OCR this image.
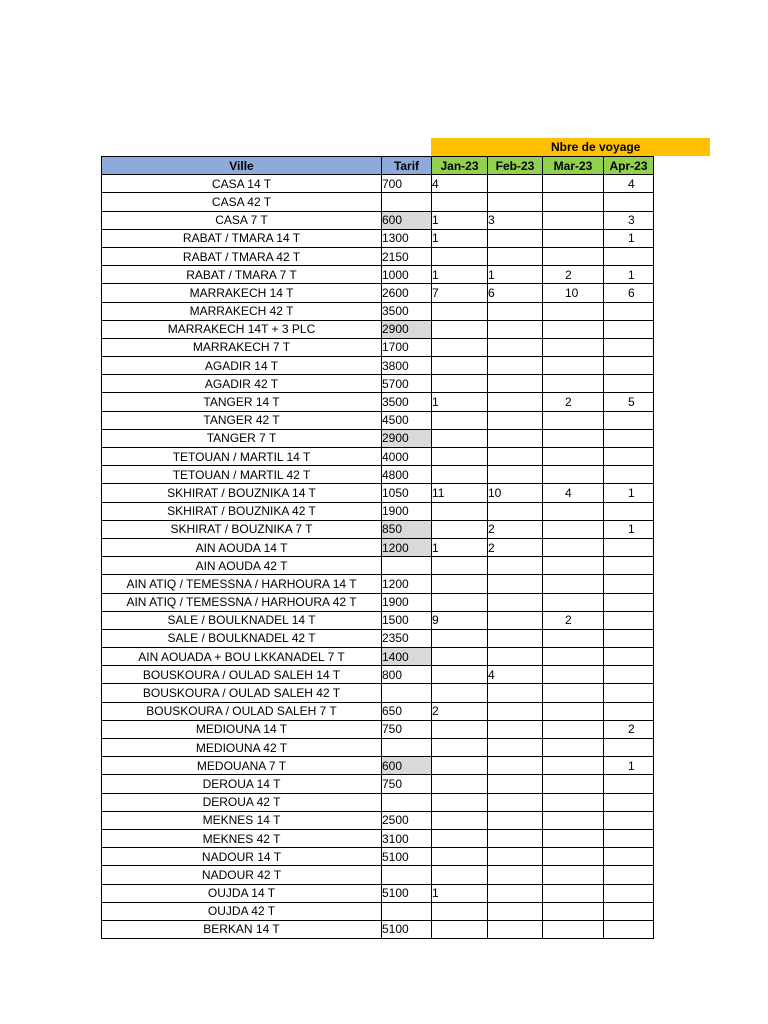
Nbre de voyage
Ville	Tarif	Jan-23	Feb-23	Mar-23	Apr-23
CASA 14 T	700	4			4
CASA 42 T					
CASA 7 T	600	1	3		3
RABAT / TMARA 14 T	1300	1			1
RABAT / TMARA 42 T	2150				
RABAT / TMARA 7 T	1000	1	1	2	1
MARRAKECH 14 T	2600	7	6	10	6
MARRAKECH 42 T	3500				
MARRAKECH 14T + 3 PLC	2900				
MARRAKECH 7 T	1700				
AGADIR 14 T	3800				
AGADIR 42 T	5700				
TANGER 14 T	3500	1		2	5
TANGER 42 T	4500				
TANGER 7 T	2900				
TETOUAN / MARTIL 14 T	4000				
TETOUAN / MARTIL 42 T	4800				
SKHIRAT / BOUZNIKA 14 T	1050	11	10	4	1
SKHIRAT / BOUZNIKA 42 T	1900				
SKHIRAT / BOUZNIKA 7 T	850		2		1
AIN AOUDA 14 T	1200	1	2		
AIN AOUDA 42 T					
AIN ATIQ / TEMESSNA / HARHOURA 14 T	1200				
AIN ATIQ / TEMESSNA / HARHOURA 42 T	1900				
SALE / BOULKNADEL 14 T	1500	9		2	
SALE / BOULKNADEL 42 T	2350				
AIN AOUADA + BOU LKKANADEL 7 T	1400				
BOUSKOURA / OULAD SALEH 14 T	800		4		
BOUSKOURA / OULAD SALEH 42 T					
BOUSKOURA / OULAD SALEH 7 T	650	2			
MEDIOUNA 14 T	750				2
MEDIOUNA 42 T					
MEDOUANA 7 T	600				1
DEROUA 14 T	750				
DEROUA 42 T					
MEKNES 14 T	2500				
MEKNES 42 T	3100				
NADOUR 14 T	5100				
NADOUR 42 T					
OUJDA 14 T	5100	1			
OUJDA 42 T					
BERKAN 14 T	5100				
